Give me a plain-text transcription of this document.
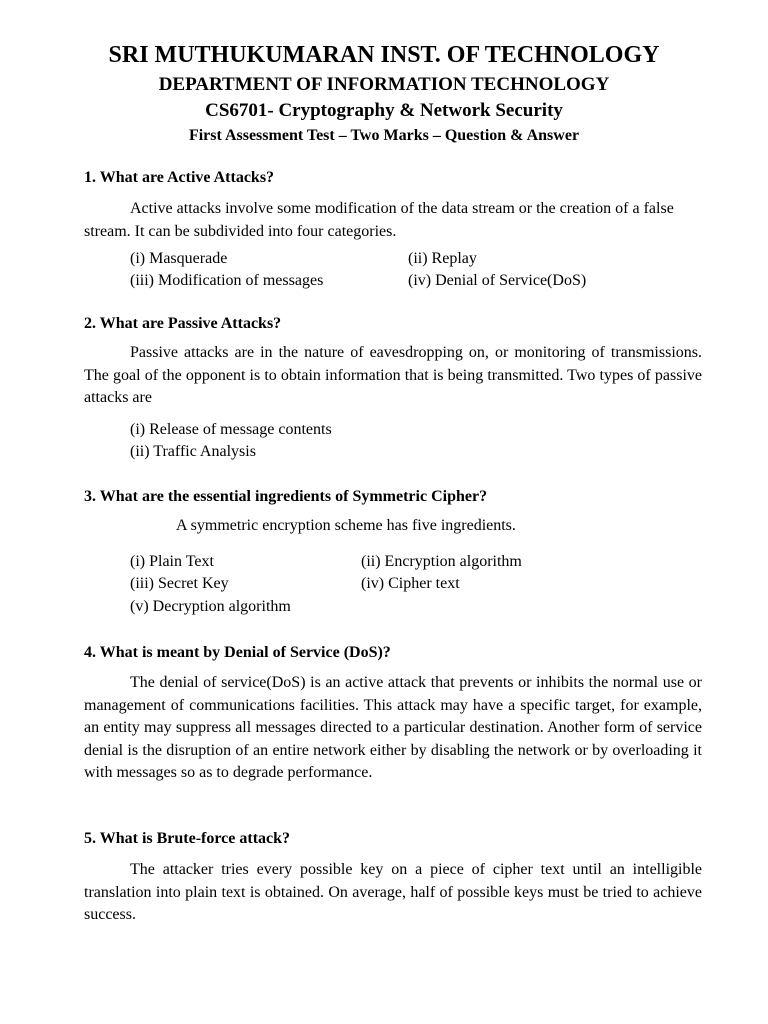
SRI MUTHUKUMARAN INST. OF TECHNOLOGY
DEPARTMENT OF INFORMATION TECHNOLOGY
CS6701- Cryptography & Network Security
First Assessment Test – Two Marks – Question & Answer
1. What are Active Attacks?
Active attacks involve some modification of the data stream or the creation of a false stream. It can be subdivided into four categories.
(i) Masquerade	(ii) Replay
(iii) Modification of messages	(iv) Denial of Service(DoS)
2. What are Passive Attacks?
Passive attacks are in the nature of eavesdropping on, or monitoring of transmissions. The goal of the opponent is to obtain information that is being transmitted. Two types of passive attacks are
(i) Release of message contents
(ii) Traffic Analysis
3. What are the essential ingredients of Symmetric Cipher?
A symmetric encryption scheme has five ingredients.
(i) Plain Text	(ii) Encryption algorithm
(iii) Secret Key	(iv) Cipher text
(v) Decryption algorithm
4. What is meant by Denial of Service (DoS)?
The denial of service(DoS) is an active attack that prevents or inhibits the normal use or management of communications facilities. This attack may have a specific target, for example, an entity may suppress all messages directed to a particular destination. Another form of service denial is the disruption of an entire network either by disabling the network or by overloading it with messages so as to degrade performance.
5. What is Brute-force attack?
The attacker tries every possible key on a piece of cipher text until an intelligible translation into plain text is obtained. On average, half of possible keys must be tried to achieve success.
